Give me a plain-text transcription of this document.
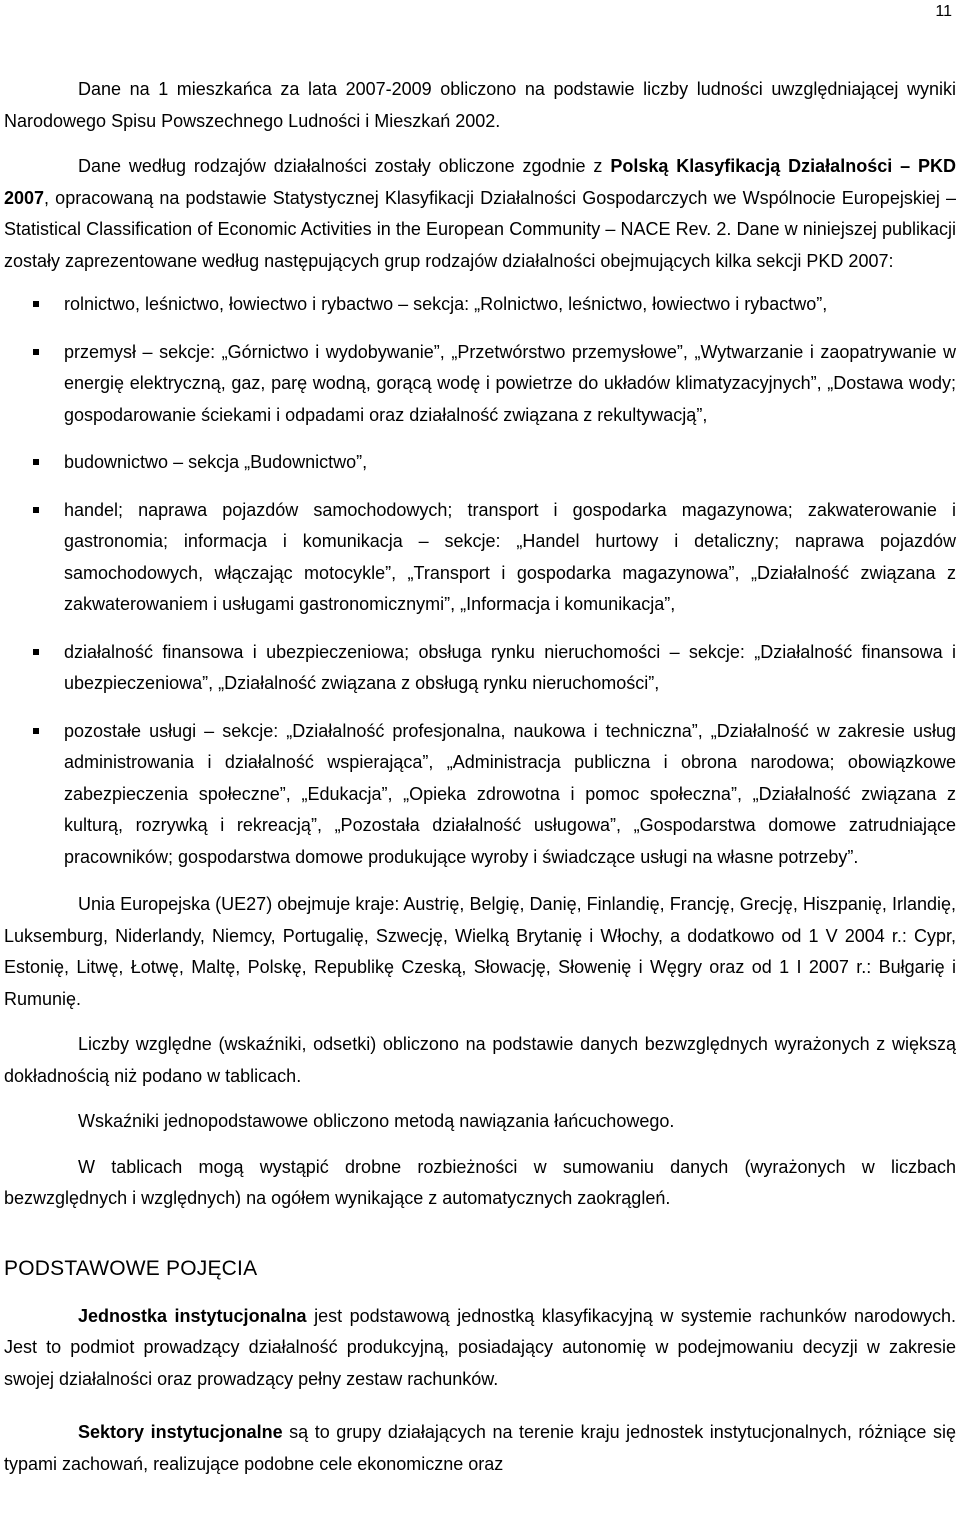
11

Dane na 1 mieszkańca za lata 2007-2009 obliczono na podstawie liczby ludności uwzględniającej wyniki Narodowego Spisu Powszechnego Ludności i Mieszkań 2002.

Dane według rodzajów działalności zostały obliczone zgodnie z Polską Klasyfikacją Działalności – PKD 2007, opracowaną na podstawie Statystycznej Klasyfikacji Działalności Gospodarczych we Wspólnocie Europejskiej – Statistical Classification of Economic Activities in the European Community – NACE Rev. 2. Dane w niniejszej publikacji zostały zaprezentowane według następujących grup rodzajów działalności obejmujących kilka sekcji PKD 2007:

rolnictwo, leśnictwo, łowiectwo i rybactwo – sekcja: „Rolnictwo, leśnictwo, łowiectwo i rybactwo”,
przemysł – sekcje: „Górnictwo i wydobywanie”, „Przetwórstwo przemysłowe”, „Wytwarzanie i zaopatrywanie w energię elektryczną, gaz, parę wodną, gorącą wodę i powietrze do układów klimatyzacyjnych”, „Dostawa wody; gospodarowanie ściekami i odpadami oraz działalność związana z rekultywacją”,
budownictwo – sekcja „Budownictwo”,
handel; naprawa pojazdów samochodowych; transport i gospodarka magazynowa; zakwaterowanie i gastronomia; informacja i komunikacja – sekcje: „Handel hurtowy i detaliczny; naprawa pojazdów samochodowych, włączając motocykle”, „Transport i gospodarka magazynowa”, „Działalność związana z zakwaterowaniem i usługami gastronomicznymi”, „Informacja i komunikacja”,
działalność finansowa i ubezpieczeniowa; obsługa rynku nieruchomości – sekcje: „Działalność finansowa i ubezpieczeniowa”, „Działalność związana z obsługą rynku nieruchomości”,
pozostałe usługi – sekcje: „Działalność profesjonalna, naukowa i techniczna”, „Działalność w zakresie usług administrowania i działalność wspierająca”, „Administracja publiczna i obrona narodowa; obowiązkowe zabezpieczenia społeczne”, „Edukacja”, „Opieka zdrowotna i pomoc społeczna”, „Działalność związana z kulturą, rozrywką i rekreacją”, „Pozostała działalność usługowa”, „Gospodarstwa domowe zatrudniające pracowników; gospodarstwa domowe produkujące wyroby i świadczące usługi na własne potrzeby”.

Unia Europejska (UE27) obejmuje kraje: Austrię, Belgię, Danię, Finlandię, Francję, Grecję, Hiszpanię, Irlandię, Luksemburg, Niderlandy, Niemcy, Portugalię, Szwecję, Wielką Brytanię i Włochy, a dodatkowo od 1 V 2004 r.: Cypr, Estonię, Litwę, Łotwę, Maltę, Polskę, Republikę Czeską, Słowację, Słowenię i Węgry oraz od 1 I 2007 r.: Bułgarię i Rumunię.

Liczby względne (wskaźniki, odsetki) obliczono na podstawie danych bezwzględnych wyrażonych z większą dokładnością niż podano w tablicach.

Wskaźniki jednopodstawowe obliczono metodą nawiązania łańcuchowego.

W tablicach mogą wystąpić drobne rozbieżności w sumowaniu danych (wyrażonych w liczbach bezwzględnych i względnych) na ogółem wynikające z automatycznych zaokrągleń.

PODSTAWOWE POJĘCIA

Jednostka instytucjonalna jest podstawową jednostką klasyfikacyjną w systemie rachunków narodowych. Jest to podmiot prowadzący działalność produkcyjną, posiadający autonomię w podejmowaniu decyzji w zakresie swojej działalności oraz prowadzący pełny zestaw rachunków.

Sektory instytucjonalne są to grupy działających na terenie kraju jednostek instytucjonalnych, różniące się typami zachowań, realizujące podobne cele ekonomiczne oraz
